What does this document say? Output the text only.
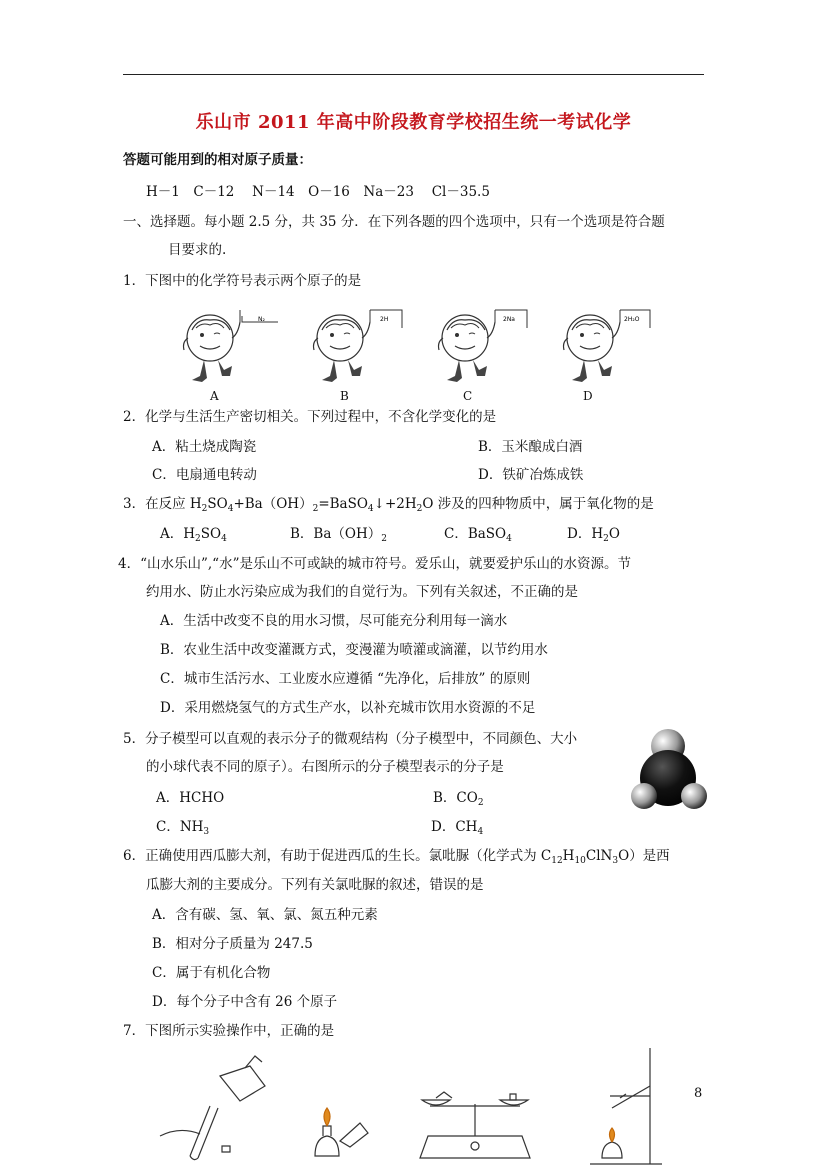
乐山市 2011 年高中阶段教育学校招生统一考试化学
答题可能用到的相对原子质量：
H－1　C－12　 N－14　O－16　Na－23　 Cl－35.5
一、选择题。每小题 2.5 分，共 35 分．在下列各题的四个选项中，只有一个选项是符合题
目要求的.
1．下图中的化学符号表示两个原子的是
N₂	2H	2Na	2H₂O
A	B	C	D
2．化学与生活生产密切相关。下列过程中，不含化学变化的是
A．粘土烧成陶瓷	B．玉米酿成白酒
C．电扇通电转动	D．铁矿冶炼成铁
3．在反应 $H_2SO_4+Ba(OH)_2=BaSO_4↓+2H_2O$ 涉及的四种物质中，属于氧化物的是
A．$H_2SO_4$	B．$Ba(OH)_2$	C．BaSO$_4$	D．$H_2O$
4．“山水乐山”,“水”是乐山不可或缺的城市符号。爱乐山，就要爱护乐山的水资源。节
约用水、防止水污染应成为我们的自觉行为。下列有关叙述，不正确的是
A．生活中改变不良的用水习惯，尽可能充分利用每一滴水
B．农业生活中改变灌溉方式，变漫灌为喷灌或滴灌，以节约用水
C．城市生活污水、工业废水应遵循 “先净化，后排放” 的原则
D．采用燃烧氢气的方式生产水，以补充城市饮用水资源的不足
5．分子模型可以直观的表示分子的微观结构（分子模型中，不同颜色、大小
的小球代表不同的原子）。右图所示的分子模型表示的分子是
A．HCHO	B．$CO_2$
C．$NH_3$	D．$CH_4$
6．正确使用西瓜膨大剂，有助于促进西瓜的生长。氯吡脲（化学式为 $C_{12}H_{10}ClN_3O$）是西
瓜膨大剂的主要成分。下列有关氯吡脲的叙述，错误的是
A．含有碳、氢、氧、氯、氮五种元素
B．相对分子质量为 247.5
C．属于有机化合物
D．每个分子中含有 26 个原子
7．下图所示实验操作中，正确的是
8
